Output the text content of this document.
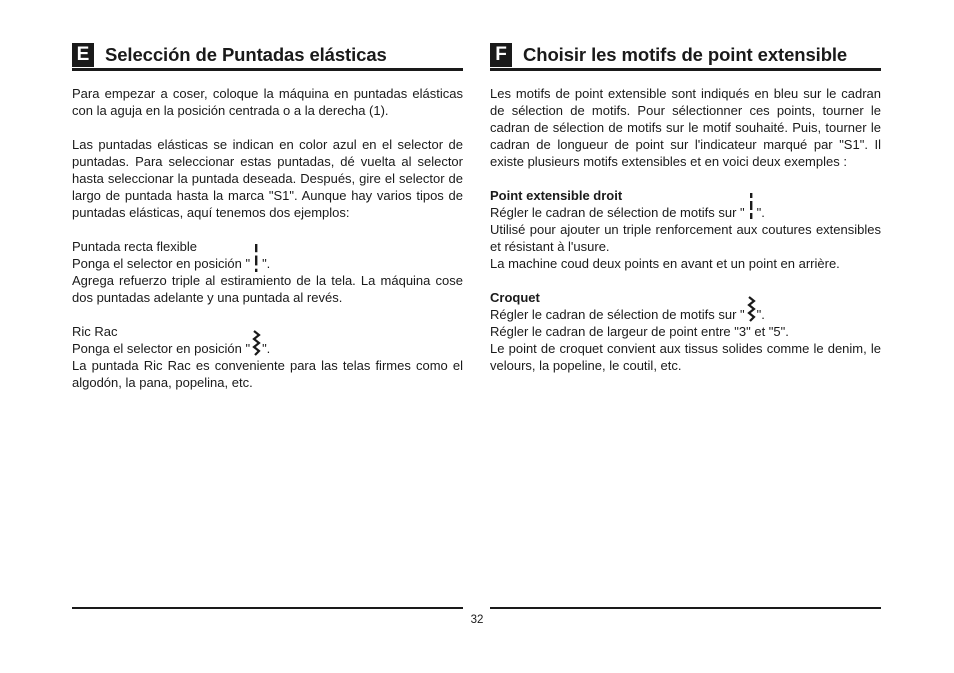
E Selección de Puntadas elásticas

Para empezar a coser, coloque la máquina en puntadas elásticas con la aguja en la posición centrada o a la derecha (1).

Las puntadas elásticas se indican en color azul en el selector de puntadas. Para seleccionar estas puntadas, dé vuelta al selector hasta seleccionar la puntada deseada. Después, gire el selector de largo de puntada hasta la marca "S1". Aunque hay varios tipos de puntadas elásticas, aquí tenemos dos ejemplos:

Puntada recta flexible

Ponga el selector en posición " ".

Agrega refuerzo triple al estiramiento de la tela. La máquina cose dos puntadas adelante y una puntada al revés.

Ric Rac

Ponga el selector en posición " ".

La puntada Ric Rac es conveniente para las telas firmes como el algodón, la pana, popelina, etc.

F Choisir les motifs de point extensible

Les motifs de point extensible sont indiqués en bleu sur le cadran de sélection de motifs. Pour sélectionner ces points, tourner le cadran de sélection de motifs sur le motif souhaité. Puis, tourner le cadran de longueur de point sur l'indicateur marqué par "S1". Il existe plusieurs motifs extensibles et en voici deux exemples :

Point extensible droit

Régler le cadran de sélection de motifs sur " ".

Utilisé pour ajouter un triple renforcement aux coutures extensibles et résistant à l'usure.

La machine coud deux points en avant et un point en arrière.

Croquet

Régler le cadran de sélection de motifs sur " ".

Régler le cadran de largeur de point entre "3" et "5".

Le point de croquet convient aux tissus solides comme le denim, le velours, la popeline, le coutil, etc.

32
